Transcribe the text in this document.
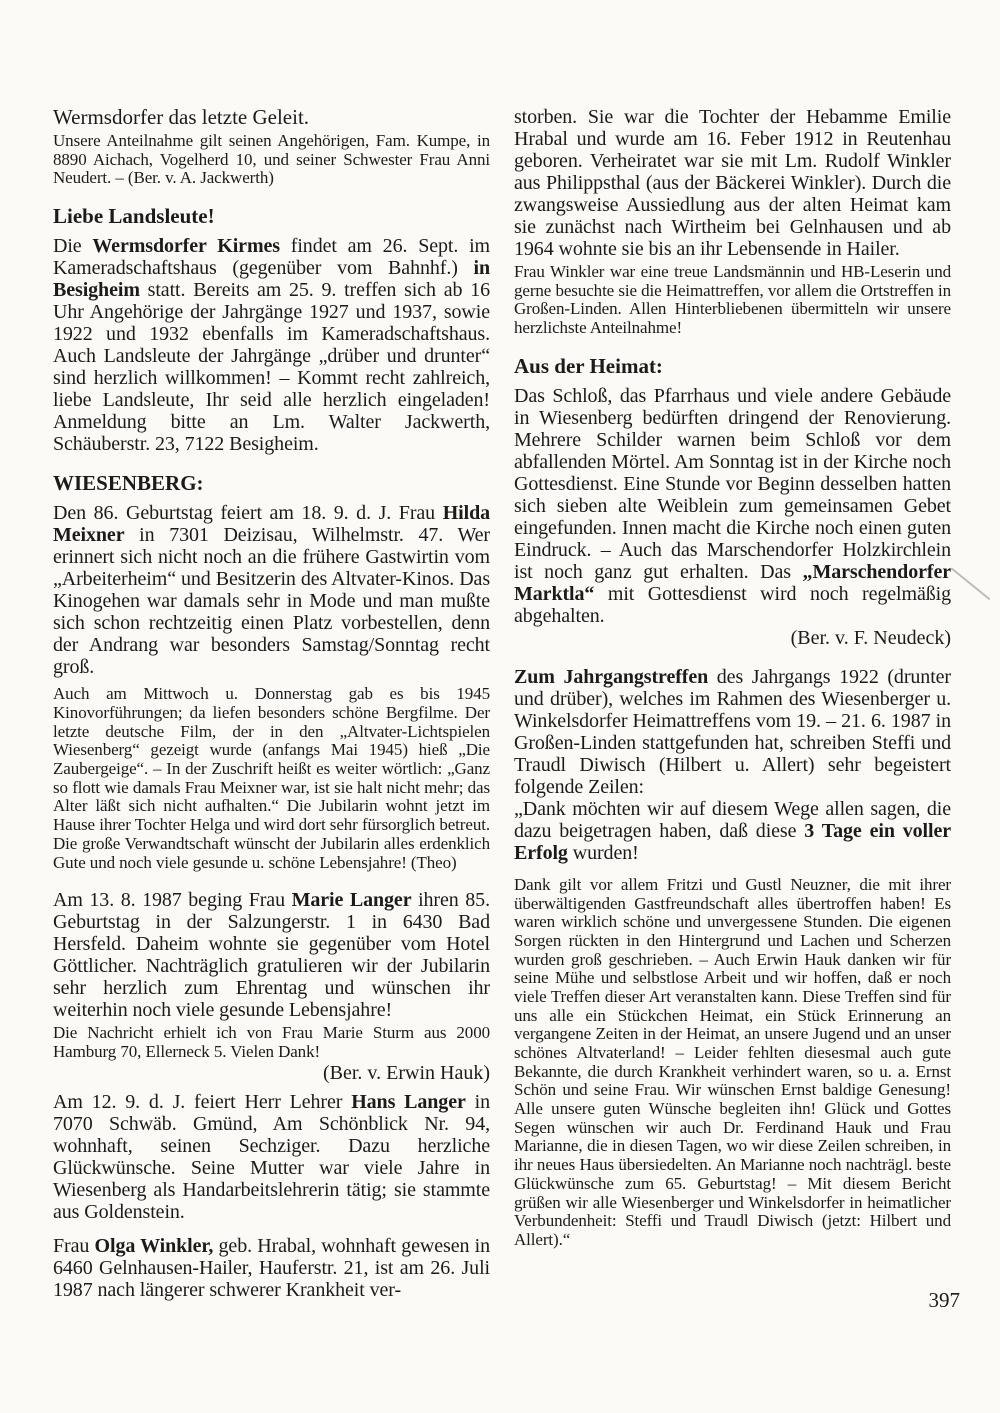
Wermsdorfer das letzte Geleit.
Unsere Anteilnahme gilt seinen Angehörigen, Fam. Kumpe, in 8890 Aichach, Vogelherd 10, und seiner Schwester Frau Anni Neudert. – (Ber. v. A. Jackwerth)
Liebe Landsleute!
Die Wermsdorfer Kirmes findet am 26. Sept. im Kameradschaftshaus (gegenüber vom Bahnhf.) in Besigheim statt. Bereits am 25. 9. treffen sich ab 16 Uhr Angehörige der Jahrgänge 1927 und 1937, sowie 1922 und 1932 ebenfalls im Kameradschaftshaus. Auch Landsleute der Jahrgänge „drüber und drunter“ sind herzlich willkommen! – Kommt recht zahlreich, liebe Landsleute, Ihr seid alle herzlich eingeladen! Anmeldung bitte an Lm. Walter Jackwerth, Schäuberstr. 23, 7122 Besigheim.
WIESENBERG:
Den 86. Geburtstag feiert am 18. 9. d. J. Frau Hilda Meixner in 7301 Deizisau, Wilhelmstr. 47. Wer erinnert sich nicht noch an die frühere Gastwirtin vom „Arbeiterheim“ und Besitzerin des Altvater-Kinos. Das Kinogehen war damals sehr in Mode und man mußte sich schon rechtzeitig einen Platz vorbestellen, denn der Andrang war besonders Samstag/Sonntag recht groß.
Auch am Mittwoch u. Donnerstag gab es bis 1945 Kinovorführungen; da liefen besonders schöne Bergfilme. Der letzte deutsche Film, der in den „Altvater-Lichtspielen Wiesenberg“ gezeigt wurde (anfangs Mai 1945) hieß „Die Zaubergeige“. – In der Zuschrift heißt es weiter wörtlich: „Ganz so flott wie damals Frau Meixner war, ist sie halt nicht mehr; das Alter läßt sich nicht aufhalten.“ Die Jubilarin wohnt jetzt im Hause ihrer Tochter Helga und wird dort sehr fürsorglich betreut. Die große Verwandtschaft wünscht der Jubilarin alles erdenklich Gute und noch viele gesunde u. schöne Lebensjahre! (Theo)
Am 13. 8. 1987 beging Frau Marie Langer ihren 85. Geburtstag in der Salzungerstr. 1 in 6430 Bad Hersfeld. Daheim wohnte sie gegenüber vom Hotel Göttlicher. Nachträglich gratulieren wir der Jubilarin sehr herzlich zum Ehrentag und wünschen ihr weiterhin noch viele gesunde Lebensjahre!
Die Nachricht erhielt ich von Frau Marie Sturm aus 2000 Hamburg 70, Ellerneck 5. Vielen Dank!
(Ber. v. Erwin Hauk)
Am 12. 9. d. J. feiert Herr Lehrer Hans Langer in 7070 Schwäb. Gmünd, Am Schönblick Nr. 94, wohnhaft, seinen Sechziger. Dazu herzliche Glückwünsche. Seine Mutter war viele Jahre in Wiesenberg als Handarbeitslehrerin tätig; sie stammte aus Goldenstein.
Frau Olga Winkler, geb. Hrabal, wohnhaft gewesen in 6460 Gelnhausen-Hailer, Hauferstr. 21, ist am 26. Juli 1987 nach längerer schwerer Krankheit ver-
storben. Sie war die Tochter der Hebamme Emilie Hrabal und wurde am 16. Feber 1912 in Reutenhau geboren. Verheiratet war sie mit Lm. Rudolf Winkler aus Philippsthal (aus der Bäckerei Winkler). Durch die zwangsweise Aussiedlung aus der alten Heimat kam sie zunächst nach Wirtheim bei Gelnhausen und ab 1964 wohnte sie bis an ihr Lebensende in Hailer.
Frau Winkler war eine treue Landsmännin und HB-Leserin und gerne besuchte sie die Heimattreffen, vor allem die Ortstreffen in Großen-Linden. Allen Hinterbliebenen übermitteln wir unsere herzlichste Anteilnahme!
Aus der Heimat:
Das Schloß, das Pfarrhaus und viele andere Gebäude in Wiesenberg bedürften dringend der Renovierung. Mehrere Schilder warnen beim Schloß vor dem abfallenden Mörtel. Am Sonntag ist in der Kirche noch Gottesdienst. Eine Stunde vor Beginn desselben hatten sich sieben alte Weiblein zum gemeinsamen Gebet eingefunden. Innen macht die Kirche noch einen guten Eindruck. – Auch das Marschendorfer Holzkirchlein ist noch ganz gut erhalten. Das „Marschendorfer Marktla“ mit Gottesdienst wird noch regelmäßig abgehalten.
(Ber. v. F. Neudeck)
Zum Jahrgangstreffen des Jahrgangs 1922 (drunter und drüber), welches im Rahmen des Wiesenberger u. Winkelsdorfer Heimattreffens vom 19. – 21. 6. 1987 in Großen-Linden stattgefunden hat, schreiben Steffi und Traudl Diwisch (Hilbert u. Allert) sehr begeistert folgende Zeilen:
„Dank möchten wir auf diesem Wege allen sagen, die dazu beigetragen haben, daß diese 3 Tage ein voller Erfolg wurden!
Dank gilt vor allem Fritzi und Gustl Neuzner, die mit ihrer überwältigenden Gastfreundschaft alles übertroffen haben! Es waren wirklich schöne und unvergessene Stunden. Die eigenen Sorgen rückten in den Hintergrund und Lachen und Scherzen wurden groß geschrieben. – Auch Erwin Hauk danken wir für seine Mühe und selbstlose Arbeit und wir hoffen, daß er noch viele Treffen dieser Art veranstalten kann. Diese Treffen sind für uns alle ein Stückchen Heimat, ein Stück Erinnerung an vergangene Zeiten in der Heimat, an unsere Jugend und an unser schönes Altvaterland! – Leider fehlten diesesmal auch gute Bekannte, die durch Krankheit verhindert waren, so u. a. Ernst Schön und seine Frau. Wir wünschen Ernst baldige Genesung! Alle unsere guten Wünsche begleiten ihn! Glück und Gottes Segen wünschen wir auch Dr. Ferdinand Hauk und Frau Marianne, die in diesen Tagen, wo wir diese Zeilen schreiben, in ihr neues Haus übersiedelten. An Marianne noch nachträgl. beste Glückwünsche zum 65. Geburtstag! – Mit diesem Bericht grüßen wir alle Wiesenberger und Winkelsdorfer in heimatlicher Verbundenheit: Steffi und Traudl Diwisch (jetzt: Hilbert und Allert).“
397
